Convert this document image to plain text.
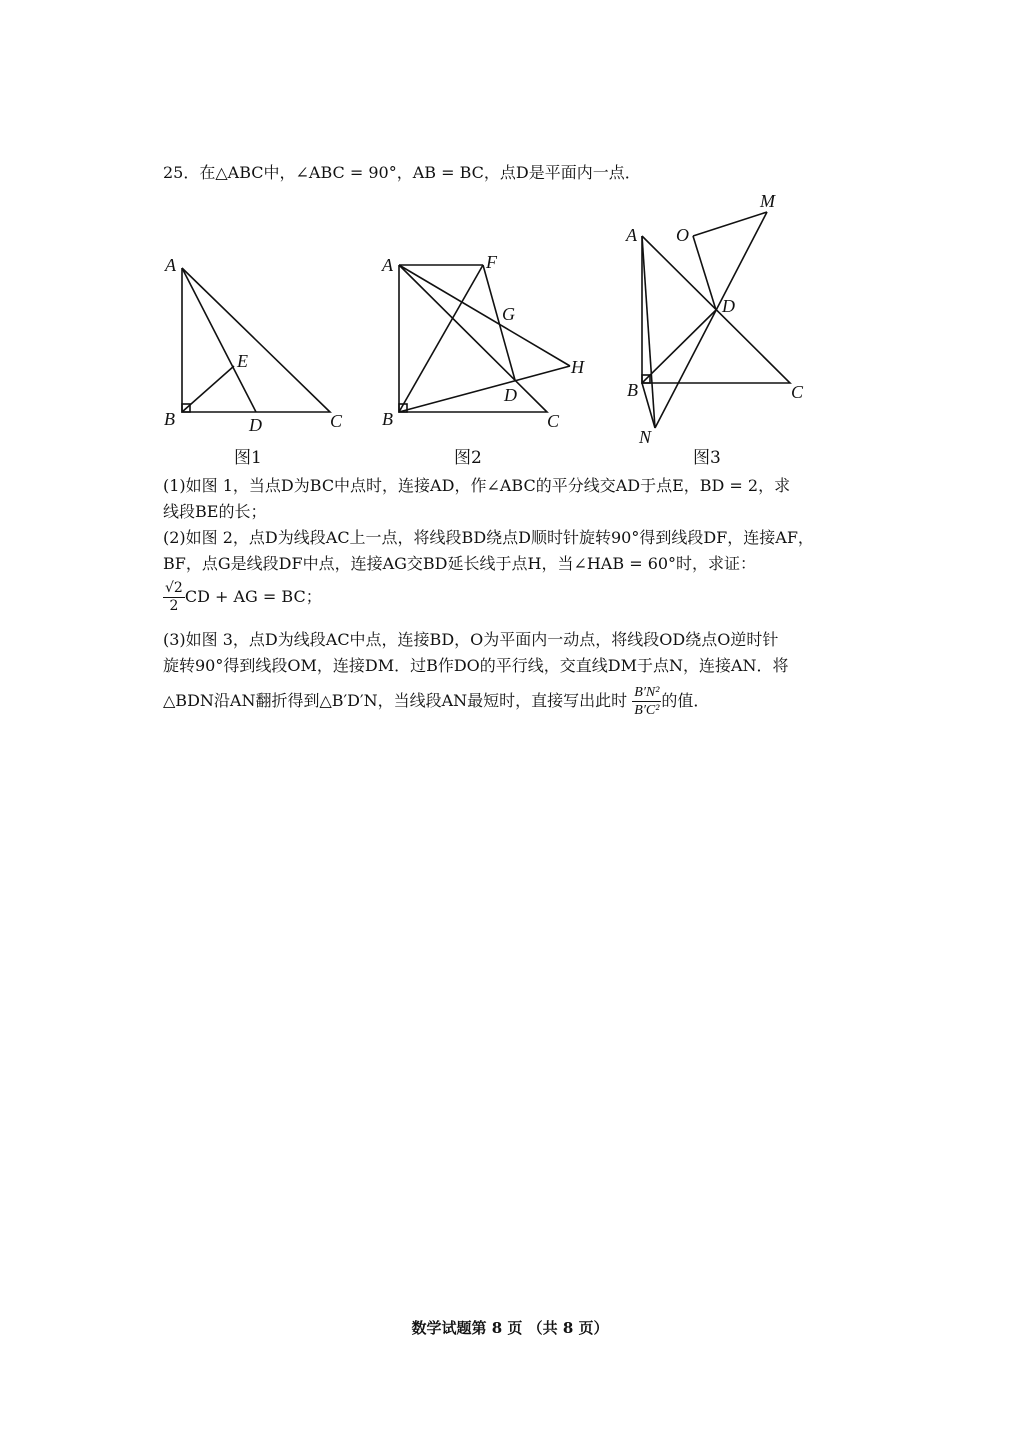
25．在△ABC中，∠ABC = 90°，AB = BC，点D是平面内一点．
A
B	C
D
E
图1
A	F
G
H
D
B	C
图2
M
A O
D
B	C
N
图3
(1)如图 1，当点D为BC中点时，连接AD，作∠ABC的平分线交AD于点E，BD = 2，求
线段BE的长；
(2)如图 2，点D为线段AC上一点，将线段BD绕点D顺时针旋转90°得到线段DF，连接AF，
BF，点G是线段DF中点，连接AG交BD延长线于点H，当∠HAB = 60°时，求证：
$\frac{√2}{2}$ CD + AG = BC；
(3)如图 3，点D为线段AC中点，连接BD，O为平面内一动点，将线段OD绕点O逆时针
旋转90°得到线段OM，连接DM．过B作DO的平行线，交直线DM于点N，连接AN．将
△BDN沿AN翻折得到△B′D′N，当线段AN最短时，直接写出此时 $\frac{\text{B′N²}}{\text{B′C²}}$ 的值．
数学试题第 8 页 （共 8 页）
